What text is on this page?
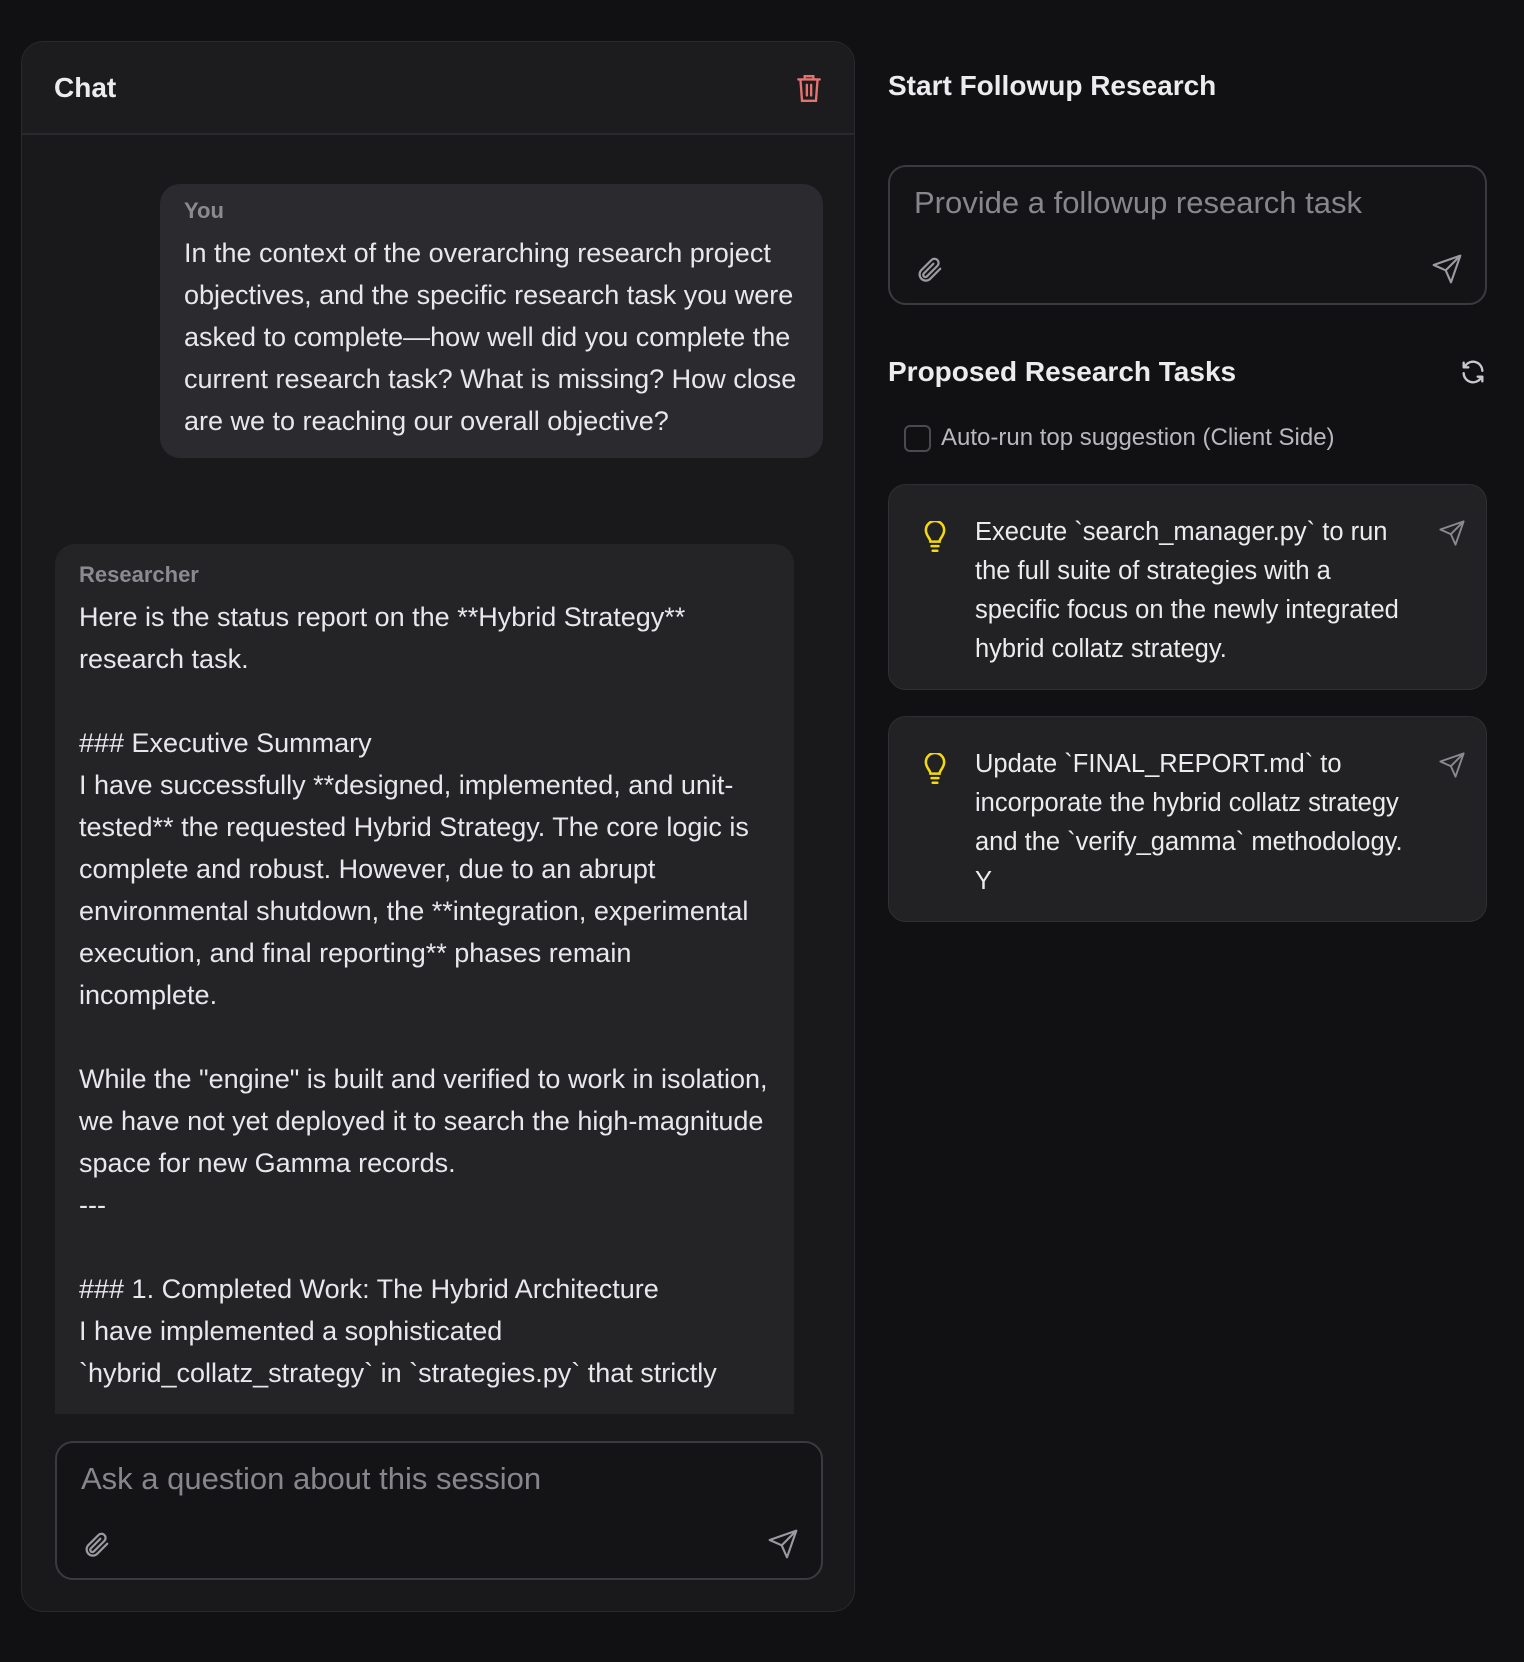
Chat
You
In the context of the overarching research project objectives, and the specific research task you were asked to complete—how well did you complete the current research task? What is missing? How close are we to reaching our overall objective?
Researcher
Here is the status report on the **Hybrid Strategy** research task.

### Executive Summary
I have successfully **designed, implemented, and unit-tested** the requested Hybrid Strategy. The core logic is complete and robust. However, due to an abrupt environmental shutdown, the **integration, experimental execution, and final reporting** phases remain incomplete.

While the "engine" is built and verified to work in isolation, we have not yet deployed it to search the high-magnitude space for new Gamma records.
---

### 1. Completed Work: The Hybrid Architecture
I have implemented a sophisticated `hybrid_collatz_strategy` in `strategies.py` that strictly
Ask a question about this session
Start Followup Research
Provide a followup research task
Proposed Research Tasks
Auto-run top suggestion (Client Side)
Execute `search_manager.py` to run the full suite of strategies with a specific focus on the newly integrated hybrid collatz strategy.
Update `FINAL_REPORT.md` to incorporate the hybrid collatz strategy and the `verify_gamma` methodology. Y
